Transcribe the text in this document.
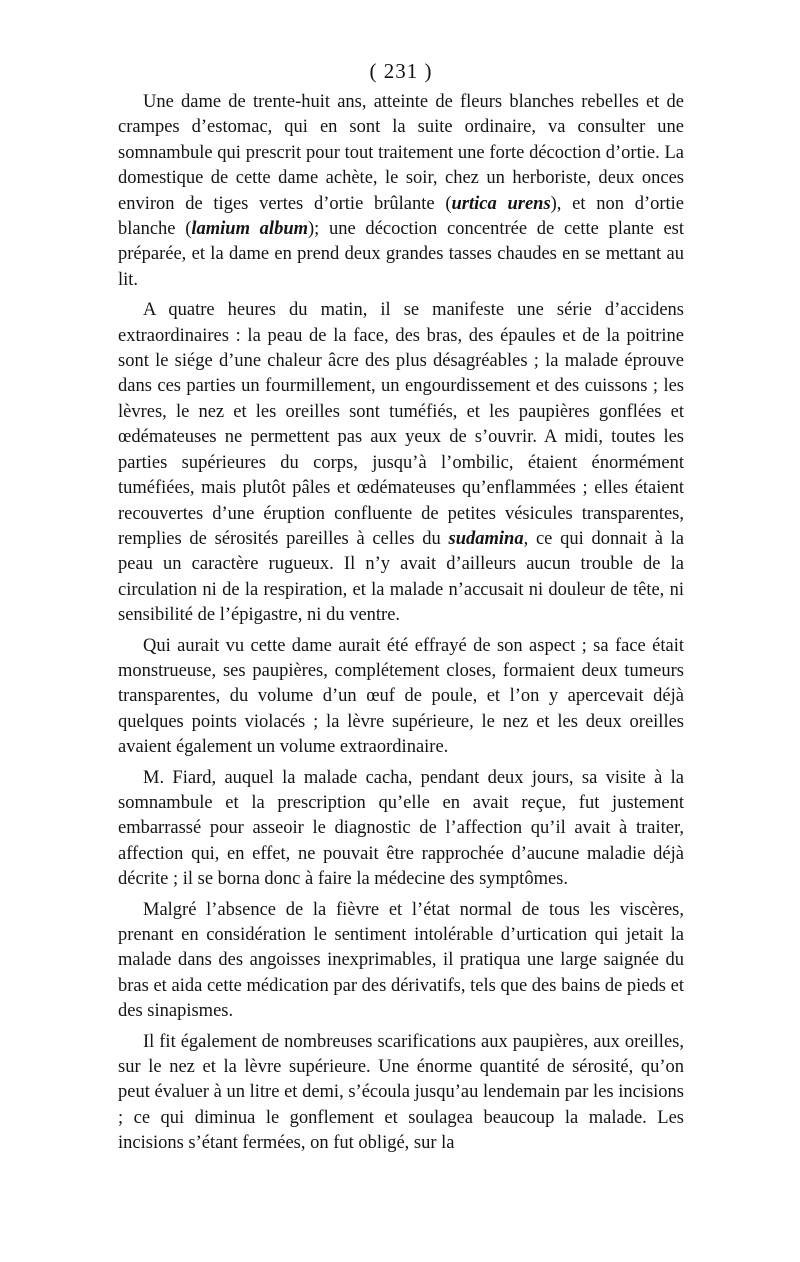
( 231 )

Une dame de trente-huit ans, atteinte de fleurs blanches rebelles et de crampes d’estomac, qui en sont la suite ordinaire, va consulter une somnambule qui prescrit pour tout traitement une forte décoction d’ortie. La domestique de cette dame achète, le soir, chez un herboriste, deux onces environ de tiges vertes d’ortie brûlante (urtica urens), et non d’ortie blanche (lamium album); une décoction concentrée de cette plante est préparée, et la dame en prend deux grandes tasses chaudes en se mettant au lit.

A quatre heures du matin, il se manifeste une série d’accidens extraordinaires : la peau de la face, des bras, des épaules et de la poitrine sont le siége d’une chaleur âcre des plus désagréables ; la malade éprouve dans ces parties un fourmillement, un engourdissement et des cuissons ; les lèvres, le nez et les oreilles sont tuméfiés, et les paupières gonflées et œdémateuses ne permettent pas aux yeux de s’ouvrir. A midi, toutes les parties supérieures du corps, jusqu’à l’ombilic, étaient énormément tuméfiées, mais plutôt pâles et œdémateuses qu’enflammées ; elles étaient recouvertes d’une éruption confluente de petites vésicules transparentes, remplies de sérosités pareilles à celles du sudamina, ce qui donnait à la peau un caractère rugueux. Il n’y avait d’ailleurs aucun trouble de la circulation ni de la respiration, et la malade n’accusait ni douleur de tête, ni sensibilité de l’épigastre, ni du ventre.

Qui aurait vu cette dame aurait été effrayé de son aspect ; sa face était monstrueuse, ses paupières, complétement closes, formaient deux tumeurs transparentes, du volume d’un œuf de poule, et l’on y apercevait déjà quelques points violacés ; la lèvre supérieure, le nez et les deux oreilles avaient également un volume extraordinaire.

M. Fiard, auquel la malade cacha, pendant deux jours, sa visite à la somnambule et la prescription qu’elle en avait reçue, fut justement embarrassé pour asseoir le diagnostic de l’affection qu’il avait à traiter, affection qui, en effet, ne pouvait être rapprochée d’aucune maladie déjà décrite ; il se borna donc à faire la médecine des symptômes.

Malgré l’absence de la fièvre et l’état normal de tous les viscères, prenant en considération le sentiment intolérable d’urtication qui jetait la malade dans des angoisses inexprimables, il pratiqua une large saignée du bras et aida cette médication par des dérivatifs, tels que des bains de pieds et des sinapismes.

Il fit également de nombreuses scarifications aux paupières, aux oreilles, sur le nez et la lèvre supérieure. Une énorme quantité de sérosité, qu’on peut évaluer à un litre et demi, s’écoula jusqu’au lendemain par les incisions ; ce qui diminua le gonflement et soulagea beaucoup la malade. Les incisions s’étant fermées, on fut obligé, sur la
